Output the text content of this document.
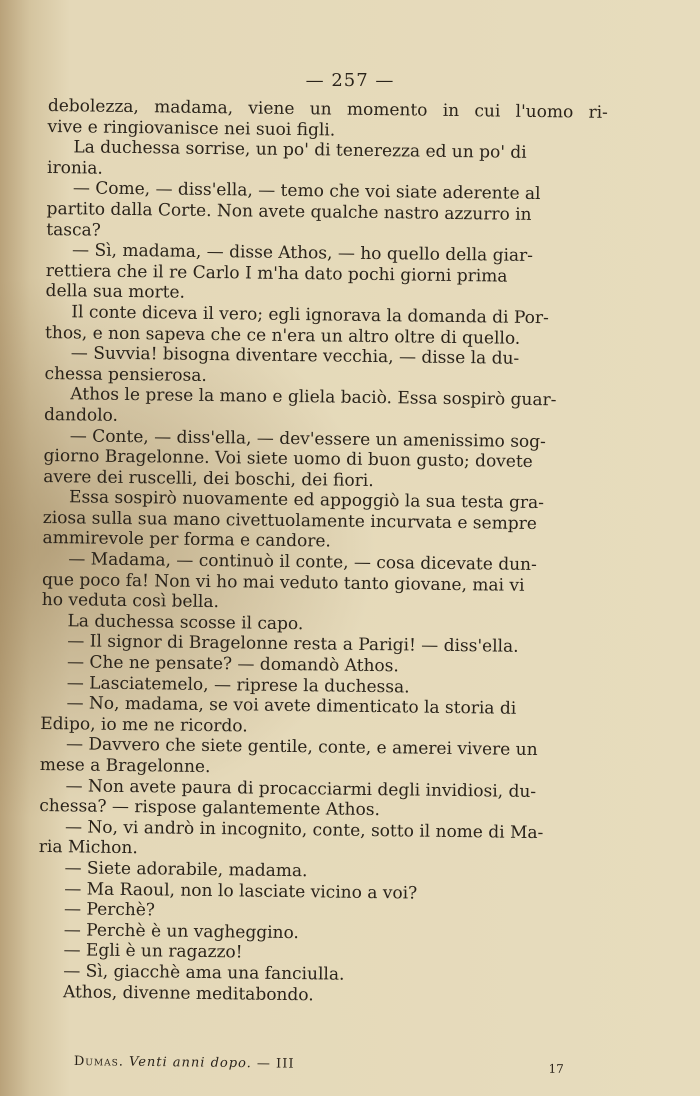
— 257 —
debolezza, madama, viene un momento in cui l'uomo ri-
vive e ringiovanisce nei suoi figli.
La duchessa sorrise, un po' di tenerezza ed un po' di
ironia.
— Come, — diss'ella, — temo che voi siate aderente al
partito dalla Corte. Non avete qualche nastro azzurro in
tasca?
— Sì, madama, — disse Athos, — ho quello della giar-
rettiera che il re Carlo I m'ha dato pochi giorni prima
della sua morte.
Il conte diceva il vero; egli ignorava la domanda di Por-
thos, e non sapeva che ce n'era un altro oltre di quello.
— Suvvia! bisogna diventare vecchia, — disse la du-
chessa pensierosa.
Athos le prese la mano e gliela baciò. Essa sospirò guar-
dandolo.
— Conte, — diss'ella, — dev'essere un amenissimo sog-
giorno Bragelonne. Voi siete uomo di buon gusto; dovete
avere dei ruscelli, dei boschi, dei fiori.
Essa sospirò nuovamente ed appoggiò la sua testa gra-
ziosa sulla sua mano civettuolamente incurvata e sempre
ammirevole per forma e candore.
— Madama, — continuò il conte, — cosa dicevate dun-
que poco fa! Non vi ho mai veduto tanto giovane, mai vi
ho veduta così bella.
La duchessa scosse il capo.
— Il signor di Bragelonne resta a Parigi! — diss'ella.
— Che ne pensate? — domandò Athos.
— Lasciatemelo, — riprese la duchessa.
— No, madama, se voi avete dimenticato la storia di
Edipo, io me ne ricordo.
— Davvero che siete gentile, conte, e amerei vivere un
mese a Bragelonne.
— Non avete paura di procacciarmi degli invidiosi, du-
chessa? — rispose galantemente Athos.
— No, vi andrò in incognito, conte, sotto il nome di Ma-
ria Michon.
— Siete adorabile, madama.
— Ma Raoul, non lo lasciate vicino a voi?
— Perchè?
— Perchè è un vagheggino.
— Egli è un ragazzo!
— Sì, giacchè ama una fanciulla.
Athos, divenne meditabondo.
Dumas. Venti anni dopo. — III	17
